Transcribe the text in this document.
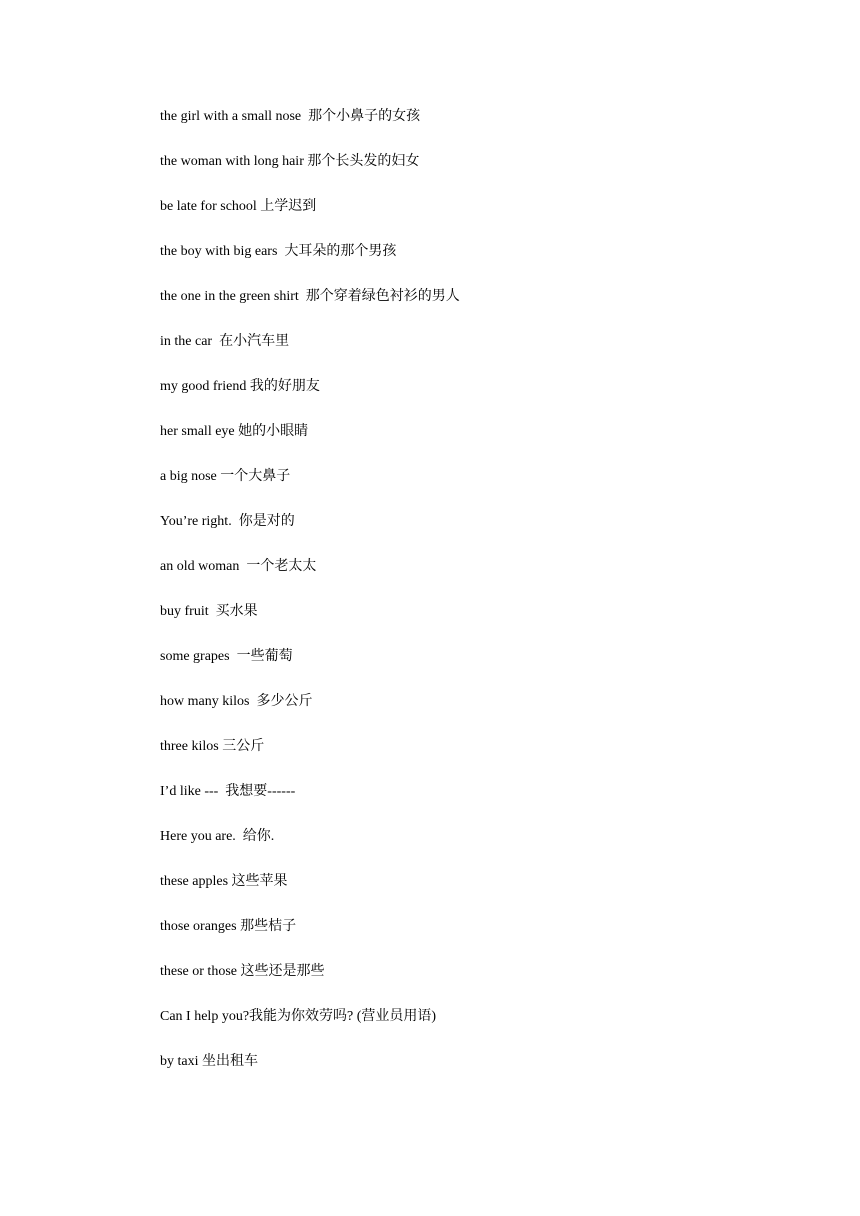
the girl with a small nose  那个小鼻子的女孩
the woman with long hair 那个长头发的妇女
be late for school 上学迟到
the boy with big ears  大耳朵的那个男孩
the one in the green shirt  那个穿着绿色衬衫的男人
in the car  在小汽车里
my good friend 我的好朋友
her small eye 她的小眼睛
a big nose 一个大鼻子
You’re right.  你是对的
an old woman  一个老太太
buy fruit  买水果
some grapes  一些葡萄
how many kilos  多少公斤
three kilos 三公斤
I’d like ---  我想要------
Here you are.  给你.
these apples 这些苹果
those oranges 那些桔子
these or those 这些还是那些
Can I help you?我能为你效劳吗? (营业员用语)
by taxi 坐出租车
